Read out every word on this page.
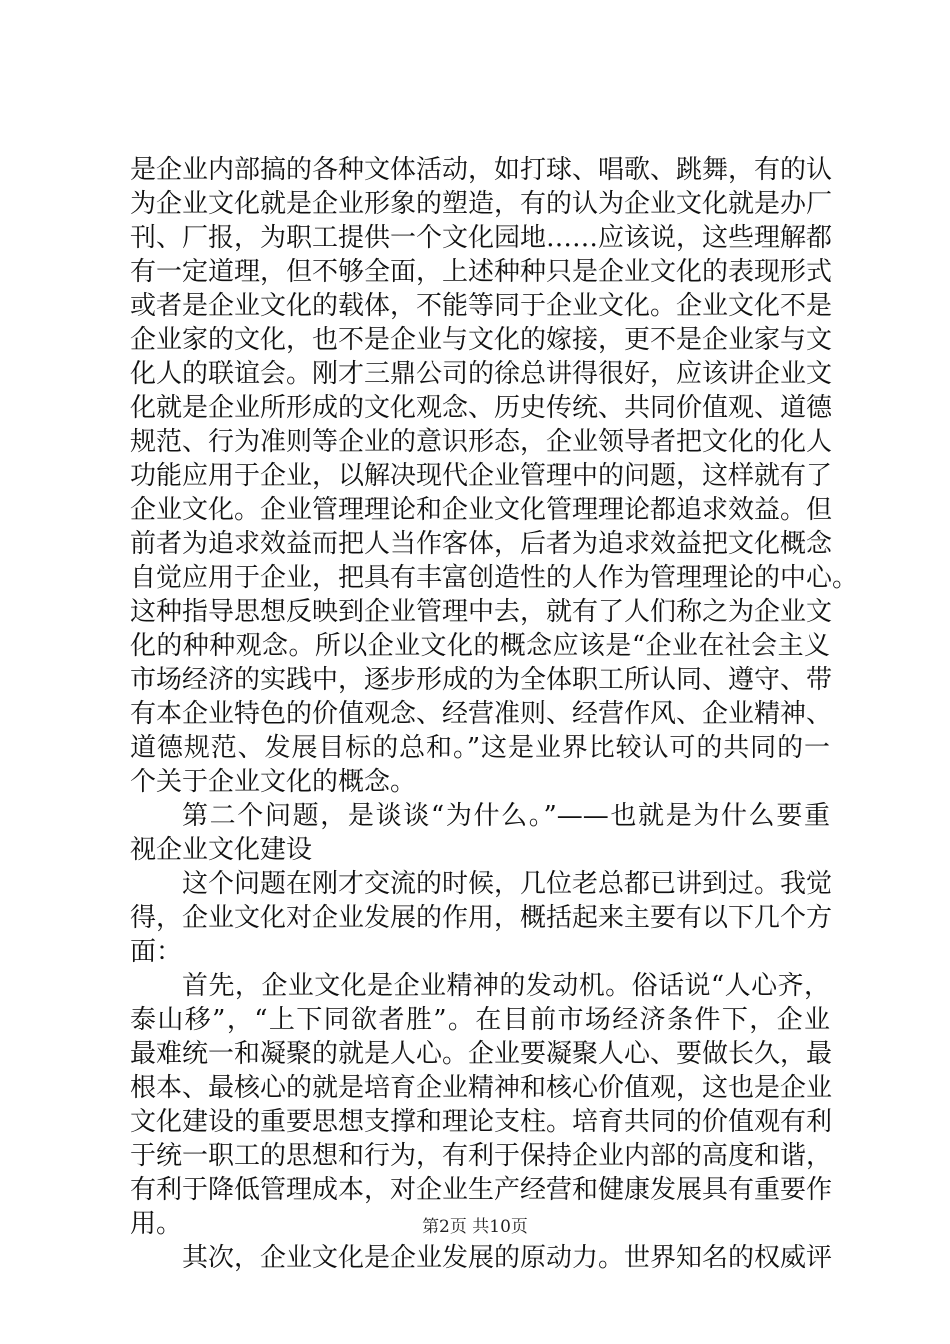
是企业内部搞的各种文体活动，如打球、唱歌、跳舞，有的认
为企业文化就是企业形象的塑造，有的认为企业文化就是办厂
刊、厂报，为职工提供一个文化园地……应该说，这些理解都
有一定道理，但不够全面，上述种种只是企业文化的表现形式
或者是企业文化的载体，不能等同于企业文化。企业文化不是
企业家的文化，也不是企业与文化的嫁接，更不是企业家与文
化人的联谊会。刚才三鼎公司的徐总讲得很好，应该讲企业文
化就是企业所形成的文化观念、历史传统、共同价值观、道德
规范、行为准则等企业的意识形态，企业领导者把文化的化人
功能应用于企业，以解决现代企业管理中的问题，这样就有了
企业文化。企业管理理论和企业文化管理理论都追求效益。但
前者为追求效益而把人当作客体，后者为追求效益把文化概念
自觉应用于企业，把具有丰富创造性的人作为管理理论的中心。
这种指导思想反映到企业管理中去，就有了人们称之为企业文
化的种种观念。所以企业文化的概念应该是“企业在社会主义
市场经济的实践中，逐步形成的为全体职工所认同、遵守、带
有本企业特色的价值观念、经营准则、经营作风、企业精神、
道德规范、发展目标的总和。”这是业界比较认可的共同的一
个关于企业文化的概念。
第二个问题，是谈谈“为什么。”——也就是为什么要重
视企业文化建设
这个问题在刚才交流的时候，几位老总都已讲到过。我觉
得，企业文化对企业发展的作用，概括起来主要有以下几个方
面：
首先，企业文化是企业精神的发动机。俗话说“人心齐，
泰山移”，“上下同欲者胜”。在目前市场经济条件下，企业
最难统一和凝聚的就是人心。企业要凝聚人心、要做长久，最
根本、最核心的就是培育企业精神和核心价值观，这也是企业
文化建设的重要思想支撑和理论支柱。培育共同的价值观有利
于统一职工的思想和行为，有利于保持企业内部的高度和谐，
有利于降低管理成本，对企业生产经营和健康发展具有重要作
用。
其次，企业文化是企业发展的原动力。世界知名的权威评
第2页 共10页
